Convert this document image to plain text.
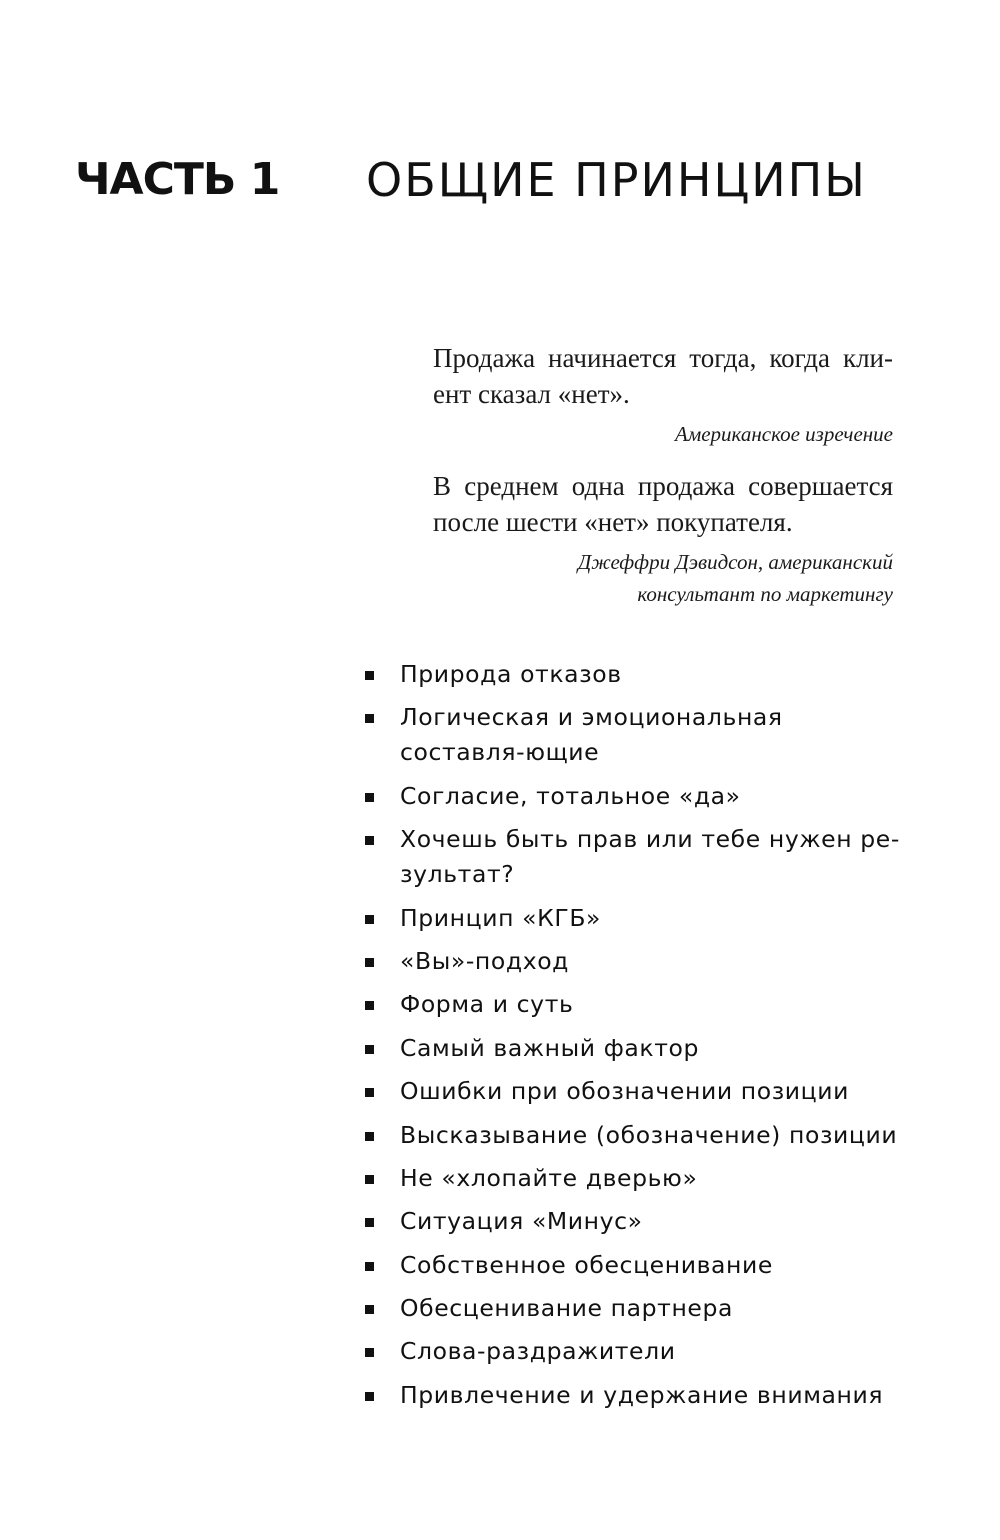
ЧАСТЬ 1 ОБЩИЕ ПРИНЦИПЫ
Продажа начинается тогда, когда кли-ент сказал «нет».
Американское изречение
В среднем одна продажа совершается после шести «нет» покупателя.
Джеффри Дэвидсон, американский
консультант по маркетингу
Природа отказов
Логическая и эмоциональная составля-ющие
Согласие, тотальное «да»
Хочешь быть прав или тебе нужен ре-зультат?
Принцип «КГБ»
«Вы»-подход
Форма и суть
Самый важный фактор
Ошибки при обозначении позиции
Высказывание (обозначение) позиции
Не «хлопайте дверью»
Ситуация «Минус»
Собственное обесценивание
Обесценивание партнера
Слова-раздражители
Привлечение и удержание внимания
